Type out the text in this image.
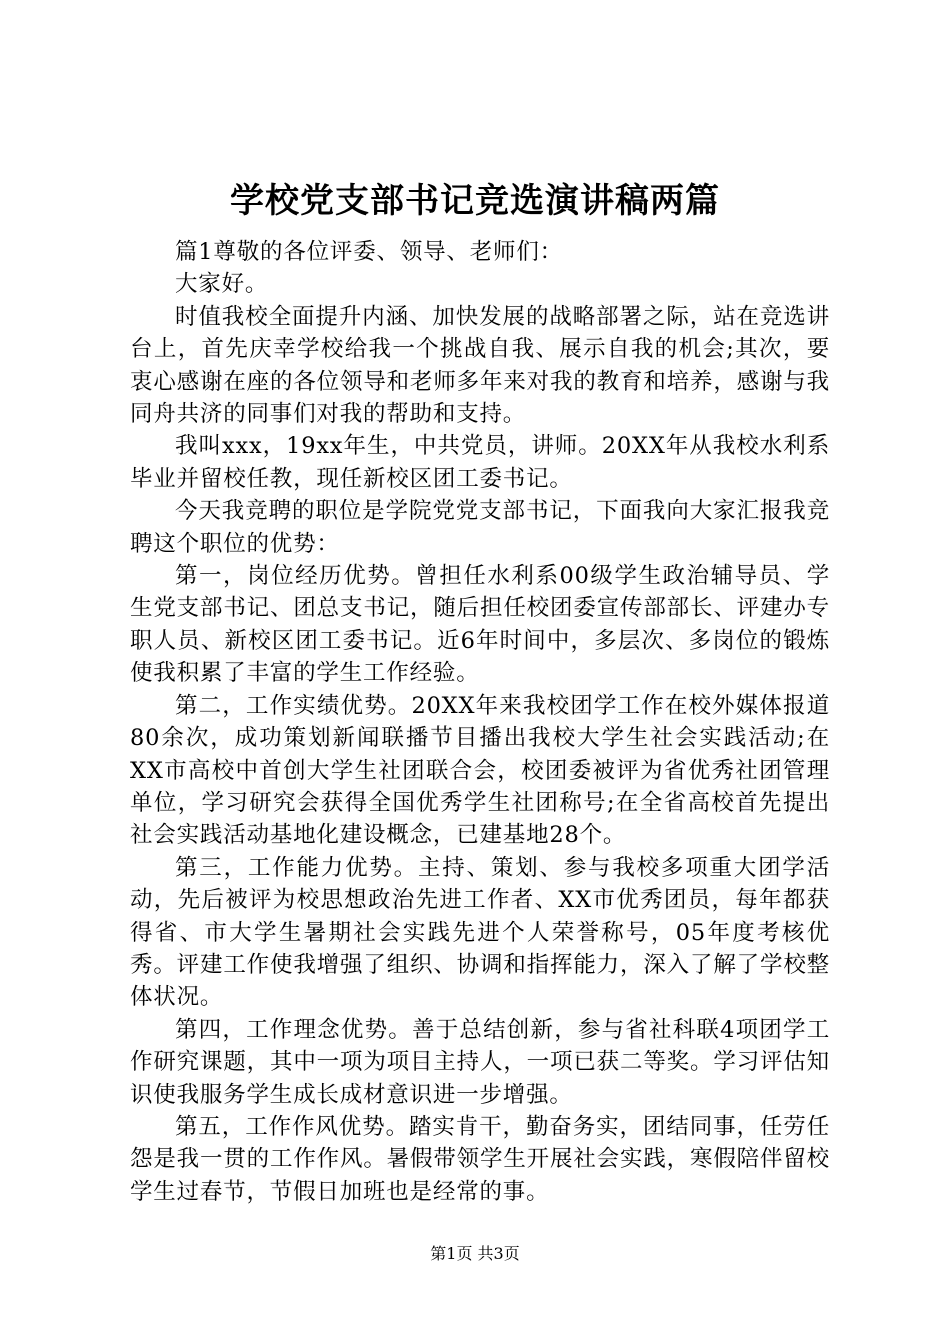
学校党支部书记竞选演讲稿两篇

篇1尊敬的各位评委、领导、老师们：

大家好。

时值我校全面提升内涵、加快发展的战略部署之际，站在竞选讲台上，首先庆幸学校给我一个挑战自我、展示自我的机会;其次，要衷心感谢在座的各位领导和老师多年来对我的教育和培养，感谢与我同舟共济的同事们对我的帮助和支持。

我叫xxx，19xx年生，中共党员，讲师。20XX年从我校水利系毕业并留校任教，现任新校区团工委书记。

今天我竞聘的职位是学院党党支部书记，下面我向大家汇报我竞聘这个职位的优势：

第一，岗位经历优势。曾担任水利系00级学生政治辅导员、学生党支部书记、团总支书记，随后担任校团委宣传部部长、评建办专职人员、新校区团工委书记。近6年时间中，多层次、多岗位的锻炼使我积累了丰富的学生工作经验。

第二，工作实绩优势。20XX年来我校团学工作在校外媒体报道80余次，成功策划新闻联播节目播出我校大学生社会实践活动;在XX市高校中首创大学生社团联合会，校团委被评为省优秀社团管理单位，学习研究会获得全国优秀学生社团称号;在全省高校首先提出社会实践活动基地化建设概念，已建基地28个。

第三，工作能力优势。主持、策划、参与我校多项重大团学活动，先后被评为校思想政治先进工作者、XX市优秀团员，每年都获得省、市大学生暑期社会实践先进个人荣誉称号，05年度考核优秀。评建工作使我增强了组织、协调和指挥能力，深入了解了学校整体状况。

第四，工作理念优势。善于总结创新，参与省社科联4项团学工作研究课题，其中一项为项目主持人，一项已获二等奖。学习评估知识使我服务学生成长成材意识进一步增强。

第五，工作作风优势。踏实肯干，勤奋务实，团结同事，任劳任怨是我一贯的工作作风。暑假带领学生开展社会实践，寒假陪伴留校学生过春节，节假日加班也是经常的事。

第1页 共3页
